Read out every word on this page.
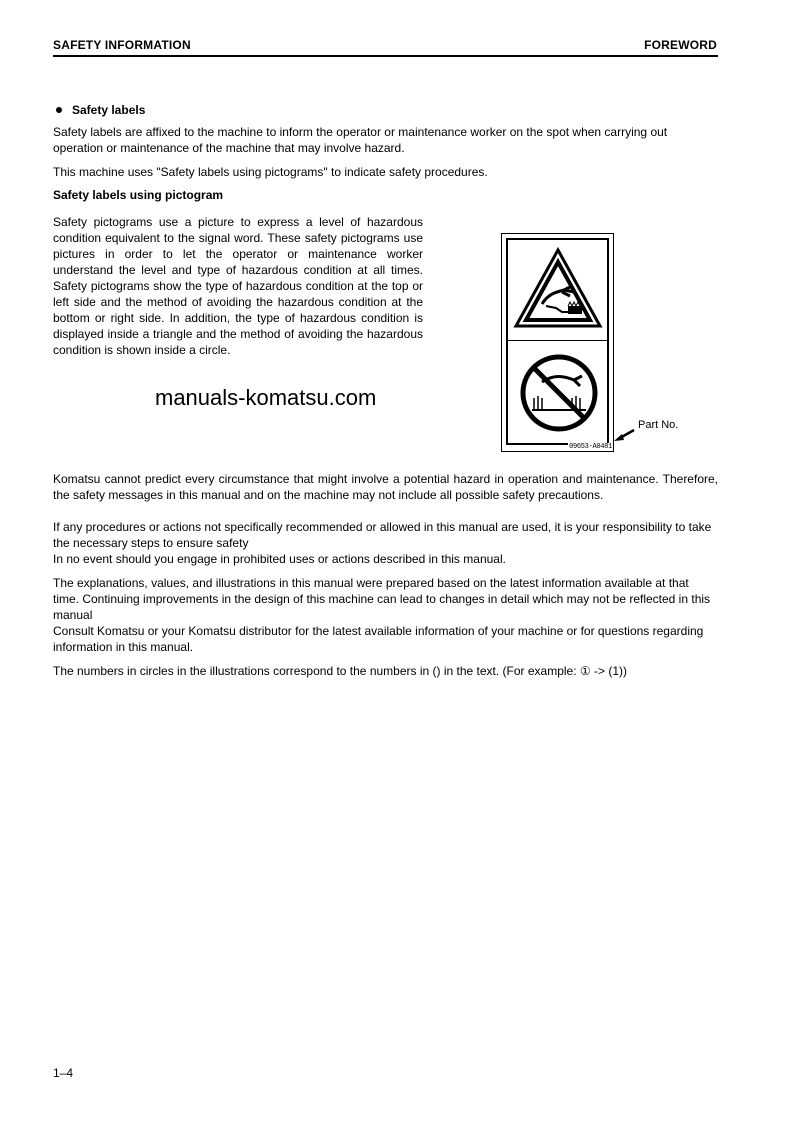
SAFETY INFORMATION	FOREWORD
Safety labels
Safety labels are affixed to the machine to inform the operator or maintenance worker on the spot when carrying out operation or maintenance of the machine that may involve hazard.
This machine uses "Safety labels using pictograms" to indicate safety procedures.
Safety labels using pictogram
Safety pictograms use a picture to express a level of hazardous condition equivalent to the signal word. These safety pictograms use pictures in order to let the operator or maintenance worker understand the level and type of hazardous condition at all times. Safety pictograms show the type of hazardous condition at the top or left side and the method of avoiding the hazardous condition at the bottom or right side. In addition, the type of hazardous condition is displayed inside a triangle and the method of avoiding the hazardous condition is shown inside a circle.
manuals-komatsu.com
09653-A0481
Part No.
Komatsu cannot predict every circumstance that might involve a potential hazard in operation and maintenance. Therefore, the safety messages in this manual and on the machine may not include all possible safety precautions.
If any procedures or actions not specifically recommended or allowed in this manual are used, it is your responsibility to take the necessary steps to ensure safety
In no event should you engage in prohibited uses or actions described in this manual.
The explanations, values, and illustrations in this manual were prepared based on the latest information available at that time. Continuing improvements in the design of this machine can lead to changes in detail which may not be reflected in this manual
Consult Komatsu or your Komatsu distributor for the latest available information of your machine or for questions regarding information in this manual.
The numbers in circles in the illustrations correspond to the numbers in () in the text. (For example: ① -> (1))
1–4
